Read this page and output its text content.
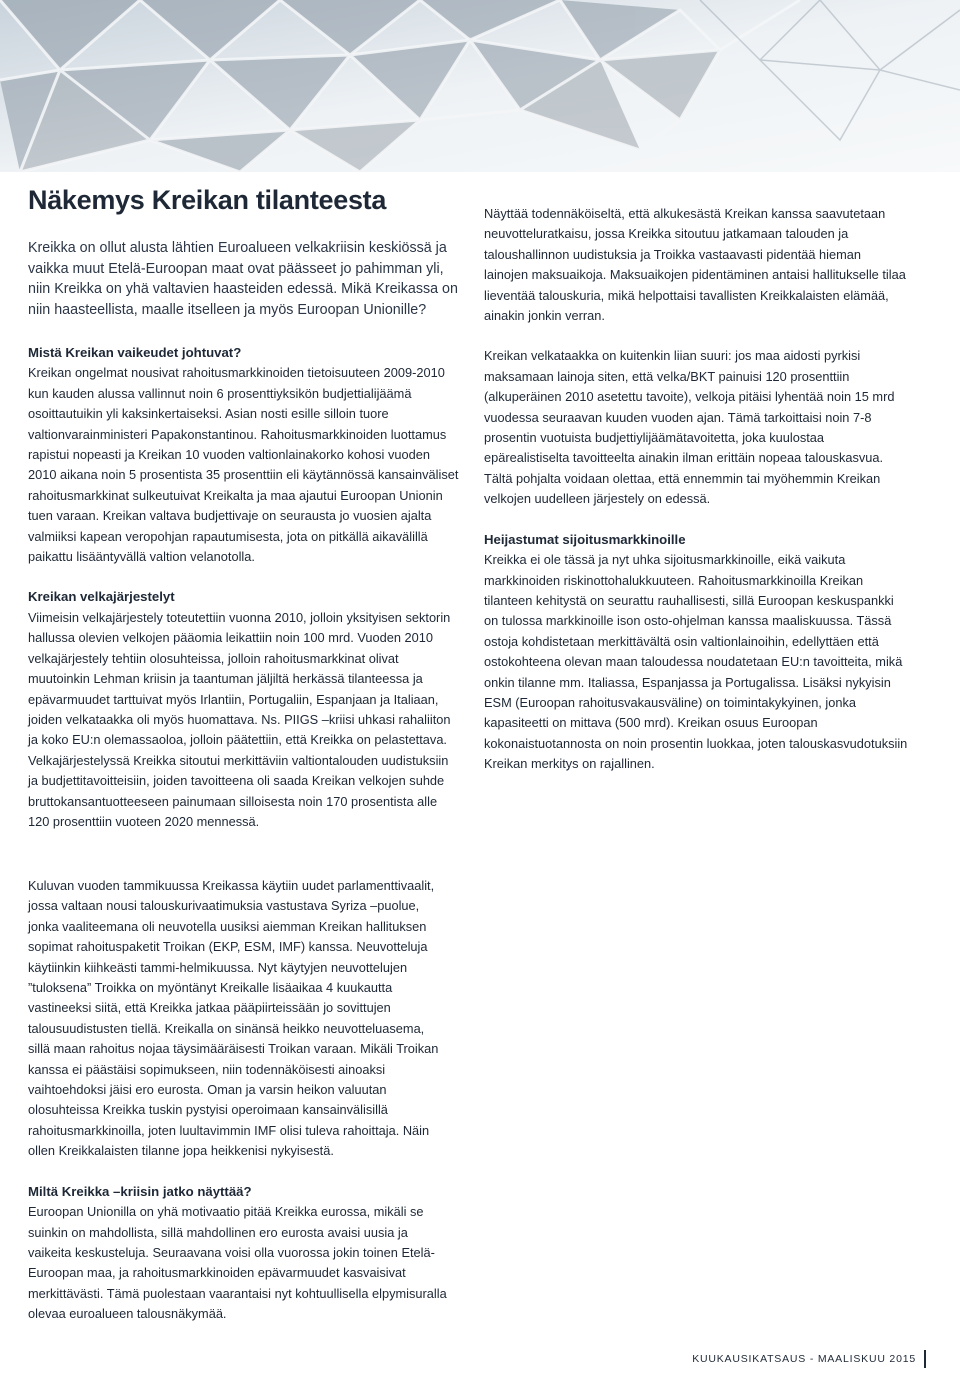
Näkemys Kreikan tilanteesta

Kreikka on ollut alusta lähtien Euroalueen velkakriisin keskiössä ja vaikka muut Etelä-Euroopan maat ovat päässeet jo pahimman yli, niin Kreikka on yhä valtavien haasteiden edessä. Mikä Kreikassa on niin haasteellista, maalle itselleen ja myös Euroopan Unionille?

Mistä Kreikan vaikeudet johtuvat?

Kreikan ongelmat nousivat rahoitusmarkkinoiden tietoisuuteen 2009-2010 kun kauden alussa vallinnut noin 6 prosenttiyksikön budjettialijäämä osoittautuikin yli kaksinkertaiseksi. Asian nosti esille silloin tuore valtionvarainministeri Papakonstantinou. Rahoitusmarkkinoiden luottamus rapistui nopeasti ja Kreikan 10 vuoden valtionlainakorko kohosi vuoden 2010 aikana noin 5 prosentista 35 prosenttiin eli käytännössä kansainväliset rahoitusmarkkinat sulkeutuivat Kreikalta ja maa ajautui Euroopan Unionin tuen varaan. Kreikan valtava budjettivaje on seurausta jo vuosien ajalta valmiiksi kapean veropohjan rapautumisesta, jota on pitkällä aikavälillä paikattu lisääntyvällä valtion velanotolla.

Kreikan velkajärjestelyt

Viimeisin velkajärjestely toteutettiin vuonna 2010, jolloin yksityisen sektorin hallussa olevien velkojen pääomia leikattiin noin 100 mrd. Vuoden 2010 velkajärjestely tehtiin olosuhteissa, jolloin rahoitusmarkkinat olivat muutoinkin Lehman kriisin ja taantuman jäljiltä herkässä tilanteessa ja epävarmuudet tarttuivat myös Irlantiin, Portugaliin, Espanjaan ja Italiaan, joiden velkataakka oli myös huomattava. Ns. PIIGS –kriisi uhkasi rahaliiton ja koko EU:n olemassaoloa, jolloin päätettiin, että Kreikka on pelastettava. Velkajärjestelyssä Kreikka sitoutui merkittäviin valtiontalouden uudistuksiin ja budjettitavoitteisiin, joiden tavoitteena oli saada Kreikan velkojen suhde bruttokansantuotteeseen painumaan silloisesta noin 170 prosentista alle 120 prosenttiin vuoteen 2020 mennessä.

Kuluvan vuoden tammikuussa Kreikassa käytiin uudet parlamenttivaalit, jossa valtaan nousi talouskurivaatimuksia vastustava Syriza –puolue, jonka vaaliteemana oli neuvotella uusiksi aiemman Kreikan hallituksen sopimat rahoituspaketit Troikan (EKP, ESM, IMF) kanssa. Neuvotteluja käytiinkin kiihkeästi tammi-helmikuussa. Nyt käytyjen neuvottelujen ”tuloksena” Troikka on myöntänyt Kreikalle lisäaikaa 4 kuukautta vastineeksi siitä, että Kreikka jatkaa pääpiirteissään jo sovittujen talousuudistusten tiellä. Kreikalla on sinänsä heikko neuvotteluasema, sillä maan rahoitus nojaa täysimääräisesti Troikan varaan. Mikäli Troikan kanssa ei päästäisi sopimukseen, niin todennäköisesti ainoaksi vaihtoehdoksi jäisi ero eurosta. Oman ja varsin heikon valuutan olosuhteissa Kreikka tuskin pystyisi operoimaan kansainvälisillä rahoitusmarkkinoilla, joten luultavimmin IMF olisi tuleva rahoittaja. Näin ollen Kreikkalaisten tilanne jopa heikkenisi nykyisestä.

Miltä Kreikka –kriisin jatko näyttää?

Euroopan Unionilla on yhä motivaatio pitää Kreikka eurossa, mikäli se suinkin on mahdollista, sillä mahdollinen ero eurosta avaisi uusia ja vaikeita keskusteluja. Seuraavana voisi olla vuorossa jokin toinen Etelä-Euroopan maa, ja rahoitusmarkkinoiden epävarmuudet kasvaisivat merkittävästi. Tämä puolestaan vaarantaisi nyt kohtuullisella elpymisuralla olevaa euroalueen talousnäkymää.

Näyttää todennäköiseltä, että alkukesästä Kreikan kanssa saavutetaan neuvotteluratkaisu, jossa Kreikka sitoutuu jatkamaan talouden ja taloushallinnon uudistuksia ja Troikka vastaavasti pidentää hieman lainojen maksuaikoja. Maksuaikojen pidentäminen antaisi hallitukselle tilaa lieventää talouskuria, mikä helpottaisi tavallisten Kreikkalaisten elämää, ainakin jonkin verran.

Kreikan velkataakka on kuitenkin liian suuri: jos maa aidosti pyrkisi maksamaan lainoja siten, että velka/BKT painuisi 120 prosenttiin (alkuperäinen 2010 asetettu tavoite), velkoja pitäisi lyhentää noin 15 mrd vuodessa seuraavan kuuden vuoden ajan. Tämä tarkoittaisi noin 7-8 prosentin vuotuista budjettiylijäämätavoitetta, joka kuulostaa epärealistiselta tavoitteelta ainakin ilman erittäin nopeaa talouskasvua. Tältä pohjalta voidaan olettaa, että ennemmin tai myöhemmin Kreikan velkojen uudelleen järjestely on edessä.

Heijastumat sijoitusmarkkinoille

Kreikka ei ole tässä ja nyt uhka sijoitusmarkkinoille, eikä vaikuta markkinoiden riskinottohalukkuuteen. Rahoitusmarkkinoilla Kreikan tilanteen kehitystä on seurattu rauhallisesti, sillä Euroopan keskuspankki on tulossa markkinoille ison osto-ohjelman kanssa maaliskuussa. Tässä ostoja kohdistetaan merkittävältä osin valtionlainoihin, edellyttäen että ostokohteena olevan maan taloudessa noudatetaan EU:n tavoitteita, mikä onkin tilanne mm. Italiassa, Espanjassa ja Portugalissa. Lisäksi nykyisin ESM (Euroopan rahoitusvakausväline) on toimintakykyinen, jonka kapasiteetti on mittava (500 mrd). Kreikan osuus Euroopan kokonaistuotannosta on noin prosentin luokkaa, joten talouskasvudotuksiin Kreikan merkitys on rajallinen.

KUUKAUSIKATSAUS - MAALISKUU 2015
